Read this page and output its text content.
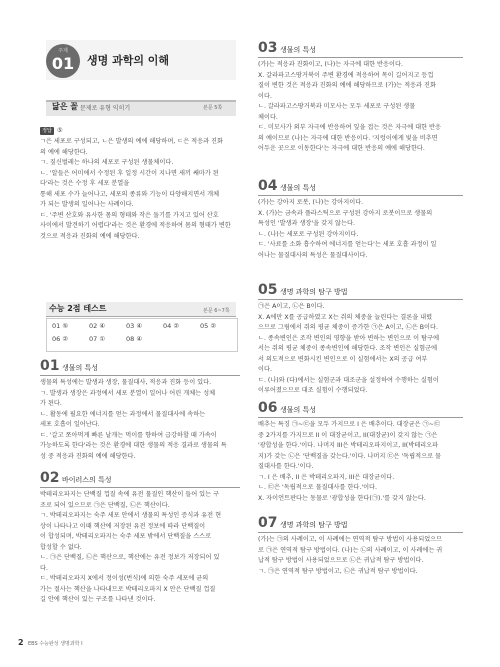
주제
01	생명 과학의 이해
닮은 꼴 문제로 유형 익히기	본문 5쪽
정답 ⑤
ㄱ은 세포로 구성되고, ㄴ은 발생의 예에 해당하며, ㄷ은 적응과 진화
의 예에 해당한다.
ㄱ. 짚신벌레는 하나의 세포로 구성된 생물체이다.
ㄴ. '알들은 어미에서 수정된 후 일정 시간이 지나면 새끼 쌔마가 된
다'라는 것은 수정 후 세포 분열을
통해 세포 수가 늘어나고, 세포의 종류와 기능이 다양해지면서 개체
가 되는 발생의 일어나는 사례이다.
ㄷ. '주변 산호와 유사한 몸의 형태와 작은 돌기를 가지고 있어 산호
사이에서 발견하기 어렵다'라는 것은 환경에 적응하여 몸의 형태가 변한
것으로 적응과 진화의 예에 해당한다.
수능 2점 테스트	본문 6~7쪽
01 ⑤	02 ④	03 ④	04 ②	05 ②
06 ②	07 ①	08 ④
01 생물의 특성
생물의 특성에는 발생과 생장, 물질대사, 적응과 진화 등이 있다.
ㄱ. 발생과 생장은 과정에서 세포 분열이 일어나 어린 개체는 성체
가 된다.
ㄴ. 활동에 필요한 에너지를 얻는 과정에서 물질대사에 속하는
세포 호흡이 일어난다.
ㄷ. '갈고 쪼아먹게 빠른 날개는 먹이를 향하여 급강하할 때 가속이
가능하도록 한다'라는 것은 환경에 대한 생물의 적응 결과로 생물의 특
성 중 적응과 진화의 예에 해당한다.
02 바이러스의 특성
박테리오파지는 단백질 껍질 속에 유전 물질인 핵산이 들어 있는 구
조로 되어 있으므로 ㉠은 단백질, ㉡은 핵산이다.
ㄱ. 박테리오파지는 숙주 세포 안에서 생물의 특성인 증식과 유전 현
상이 나타나고 이때 핵산에 저장된 유전 정보에 따라 단백질이
이 합성되며, 박테리오파지는 숙주 세포 밖에서 단백질을 스스로
합성할 수 없다.
ㄴ. ㉠은 단백질, ㉡은 핵산으로, 핵산에는 유전 정보가 저장되어 있
다.
ㄷ. 박테리오파지 X에서 정이성(번식)에 의한 숙주 세포에 균의
가는 절사는 핵산을 나타내므로 박테리오파지 X 안은 단백질 껍질
길 안에 핵산이 있는 구조를 나타낸 것이다.
03 생물의 특성
(가)는 적응과 진화이고, (나)는 자극에 대한 반응이다.
X. 갈라파고스땅거북이 주변 환경에 적응하여 목이 길어지고 등껍
질이 변한 것은 적응과 진화의 예에 해당하므로 (가)는 적응과 진화
이다.
ㄴ. 갈라파고스땅거북과 미모사는 모두 세포로 구성된 생물
체이다.
ㄷ. 미모사가 외부 자극에 반응하여 잎을 접는 것은 자극에 대한 반응
의 예이므로 (나)는 자극에 대한 반응이다. '지렁이에게 빛을 비추면
어두운 곳으로 이동한다'는 자극에 대한 반응의 예에 해당한다.
04 생물의 특성
(가)는 강아지 로봇, (나)는 강아지이다.
X. (가)는 금속과 플라스틱으로 구성된 강아지 로봇이므로 생물의
특성인 '발생과 생장'을 갖지 않는다.
ㄴ. (나)는 세포로 구성된 강아지이다.
ㄷ. '사료를 소화 흡수하여 에너지를 얻는다'는 세포 호흡 과정이 일
어나는 물질대사의 특성은 물질대사이다.
05 생명 과학의 탐구 방법
㉠은 A이고, ㉡은 B이다.
X. A에만 X를 공급하였고 X는 쥐의 체중을 늘린다는 결론을 내렸
으므로 그림에서 쥐의 평균 체중이 증가한 ㉠은 A이고, ㉡은 B이다.
ㄴ. 종속변인은 조작 변인의 영향을 받아 변하는 변인으로 이 탐구에
서는 쥐의 평균 체중이 종속변인에 해당한다. 조작 변인은 실험군에
서 의도적으로 변화시킨 변인으로 이 실험에서는 X의 공급 여부
이다.
ㄷ. (나)와 (다)에서는 실험군과 대조군을 설정하여 수행하는 실험이
이루어졌으므로 대조 실험이 수행되었다.
06 생물의 특성
배추는 특징 ㉠~㉢을 모두 가지므로 I 은 배추이다. 대장균은 ㉠~㉢
중 2가지를 가지므로 II 이 대장균이고, II(대장균)이 갖지 않는 ㉠은
'광합성을 한다.'이다. 나머지 III은 박테리오파지이고, II(박테리오파
지)가 갖는 ㉡은 '단백질을 갖는다.'이다. 나머지 ㉢은 '독립적으로 물
질대사를 한다.'이다.
ㄱ. I 은 배추, II 은 박테리오파지, III은 대장균이다.
ㄴ. ㉢은 '독립적으로 물질대사를 한다.'이다.
X. 자이언트판다는 동물로 '광합성을 한다(㉠).'를 갖지 않는다.
07 생명 과학의 탐구 방법
(가)는 ㉠의 사례이고, 이 사례에는 연역적 탐구 방법이 사용되었으므
로 ㉠은 연역적 탐구 방법이다. (나)는 ㉡의 사례이고, 이 사례에는 귀
납적 탐구 방법이 사용되었으므로 ㉡은 귀납적 탐구 방법이다.
ㄱ. ㉠은 연역적 탐구 방법이고, ㉡은 귀납적 탐구 방법이다.
2 EBS 수능완성 생명과학 I
